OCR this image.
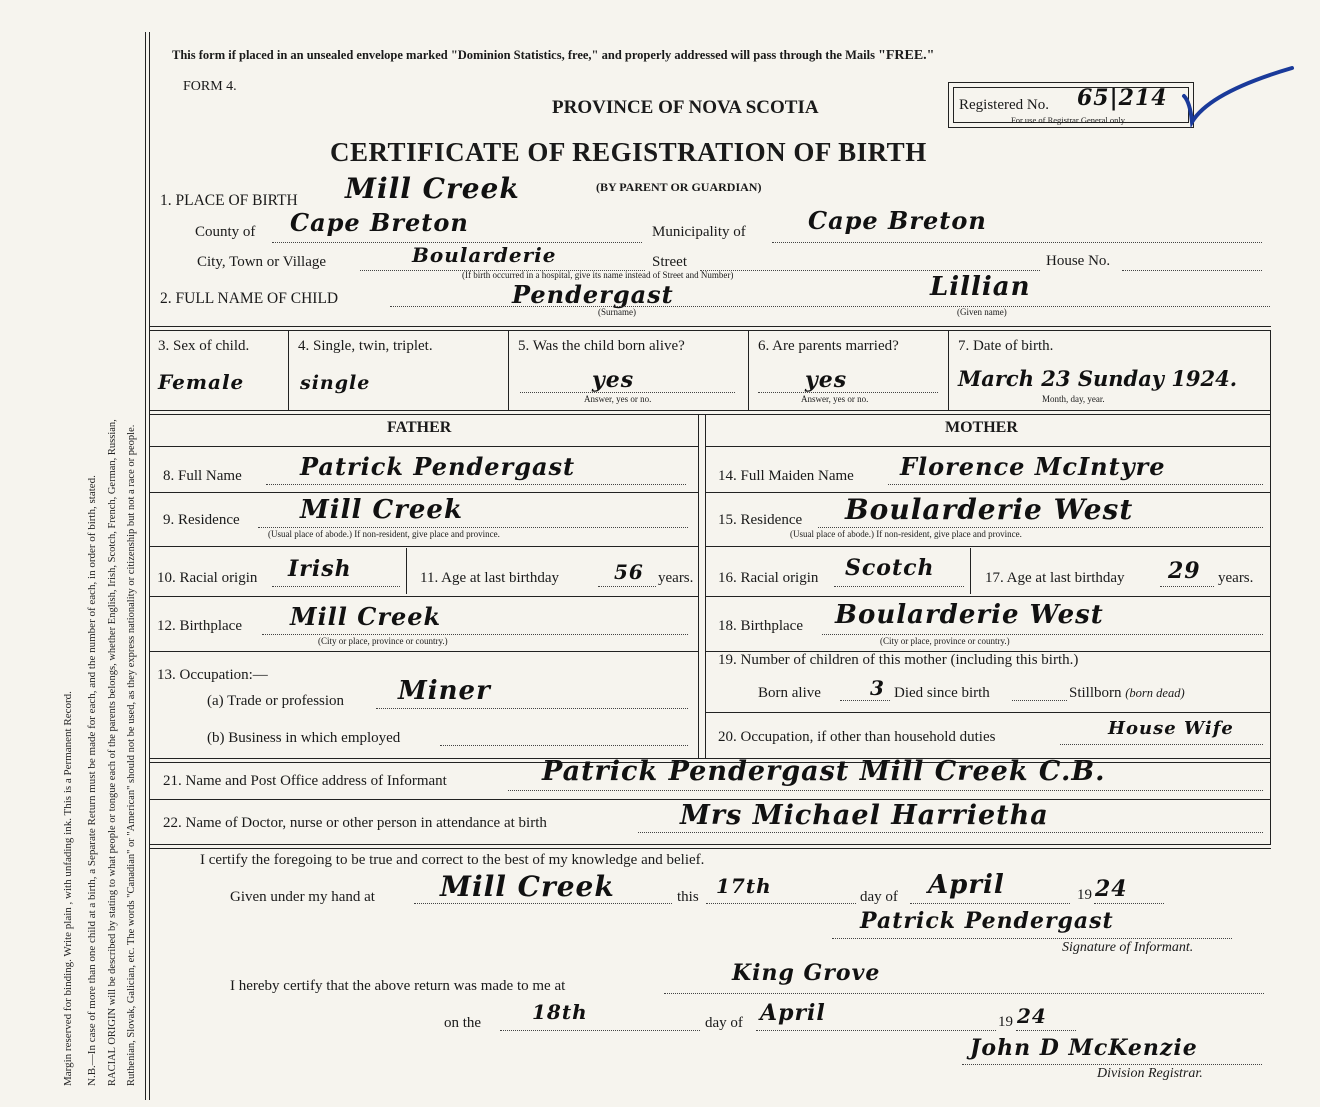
Margin reserved for binding. Write plain , with unfading ink. This is a Permanent Record. N.B.—In case of more than one child at a birth, a Separate Return must be made for each, and the number of each, in order of birth, stated. RACIAL ORIGIN will be described by stating to what people or tongue each of the parents belongs, whether English, Irish, Scotch, French, German, Russian, Ruthenian, Slovak, Galician, etc. The words "Canadian" or "American" should not be used, as they express nationality or citizenship but not a race or people.
This form if placed in an unsealed envelope marked "Dominion Statistics, free," and properly addressed will pass through the Mails "FREE."
FORM 4.
PROVINCE OF NOVA SCOTIA	Registered No. 65|214
For use of Registrar General only.
CERTIFICATE OF REGISTRATION OF BIRTH
1. PLACE OF BIRTH Mill Creek	(BY PARENT OR GUARDIAN)
County of Cape Breton	Municipality of	Cape Breton
City, Town or Village	Boularderie	Street	House No.
(If birth occurred in a hospital, give its name instead of Street and Number)
2. FULL NAME OF CHILD	Pendergast
(Surname)
Lillian
(Given name)
3. Sex of child.
Female
4. Single, twin, triplet.
single
5. Was the child born alive?
yes
Answer, yes or no.
6. Are parents married?
yes
Answer, yes or no.
7. Date of birth.
March 23 Sunday 1924.
Month, day, year.
FATHER	MOTHER
8. Full Name Patrick Pendergast	14. Full Maiden Name Florence McIntyre
9. Residence Mill Creek
(Usual place of abode.) If non-resident, give place and province.
15. Residence Boularderie West
(Usual place of abode.) If non-resident, give place and province.
10. Racial origin Irish	11. Age at last birthday	56 years. 16. Racial origin Scotch	17. Age at last birthday 29 years.
12. Birthplace Mill Creek
(City or place, province or country.)
18. Birthplace Boularderie West
(City or place, province or country.)
13. Occupation:—
(a) Trade or profession Miner
(b) Business in which employed
19. Number of children of this mother (including this birth.)
Born alive 3 Died since birth	Stillborn (born dead)
20. Occupation, if other than household duties	House Wife
21. Name and Post Office address of Informant	Patrick Pendergast Mill Creek C.B.
22. Name of Doctor, nurse or other person in attendance at birth	Mrs Michael Harrietha
I certify the foregoing to be true and correct to the best of my knowledge and belief.
Given under my hand at Mill Creek	this 17th	day of April	19 24
Patrick Pendergast
Signature of Informant.
I hereby certify that the above return was made to me at	King Grove
on the	18th	day of April	19 24
John D McKenzie
Division Registrar.
